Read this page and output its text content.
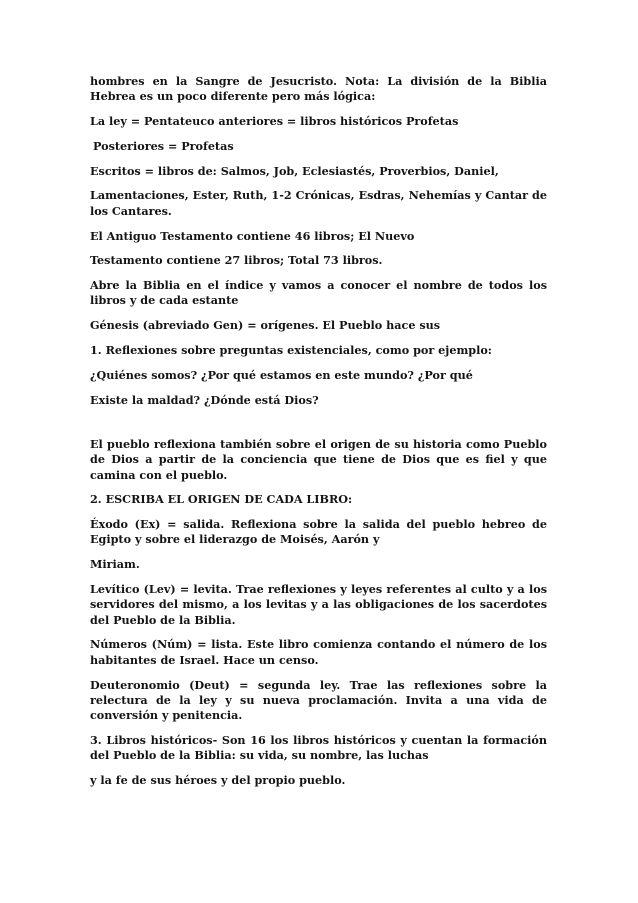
hombres en la Sangre de Jesucristo. Nota: La división de la Biblia Hebrea es un poco diferente pero más lógica:

La ley = Pentateuco anteriores = libros históricos Profetas

Posteriores = Profetas

Escritos = libros de: Salmos, Job, Eclesiastés, Proverbios, Daniel,

Lamentaciones, Ester, Ruth, 1-2 Crónicas, Esdras, Nehemías y Cantar de los Cantares.

El Antiguo Testamento contiene 46 libros; El Nuevo

Testamento contiene 27 libros; Total 73 libros.

Abre la Biblia en el índice y vamos a conocer el nombre de todos los libros y de cada estante

Génesis (abreviado Gen) = orígenes. El Pueblo hace sus

1. Reflexiones sobre preguntas existenciales, como por ejemplo:

¿Quiénes somos? ¿Por qué estamos en este mundo? ¿Por qué

Existe la maldad? ¿Dónde está Dios?

El pueblo reflexiona también sobre el origen de su historia como Pueblo de Dios a partir de la conciencia que tiene de Dios que es fiel y que camina con el pueblo.

2. ESCRIBA EL ORIGEN DE CADA LIBRO:

Éxodo (Ex) = salida. Reflexiona sobre la salida del pueblo hebreo de Egipto y sobre el liderazgo de Moisés, Aarón y

Miriam.

Levítico (Lev) = levita. Trae reflexiones y leyes referentes al culto y a los servidores del mismo, a los levitas y a las obligaciones de los sacerdotes del Pueblo de la Biblia.

Números (Núm) = lista. Este libro comienza contando el número de los habitantes de Israel. Hace un censo.

Deuteronomio (Deut) = segunda ley. Trae las reflexiones sobre la relectura de la ley y su nueva proclamación. Invita a una vida de conversión y penitencia.

3. Libros históricos- Son 16 los libros históricos y cuentan la formación del Pueblo de la Biblia: su vida, su nombre, las luchas

y la fe de sus héroes y del propio pueblo.
